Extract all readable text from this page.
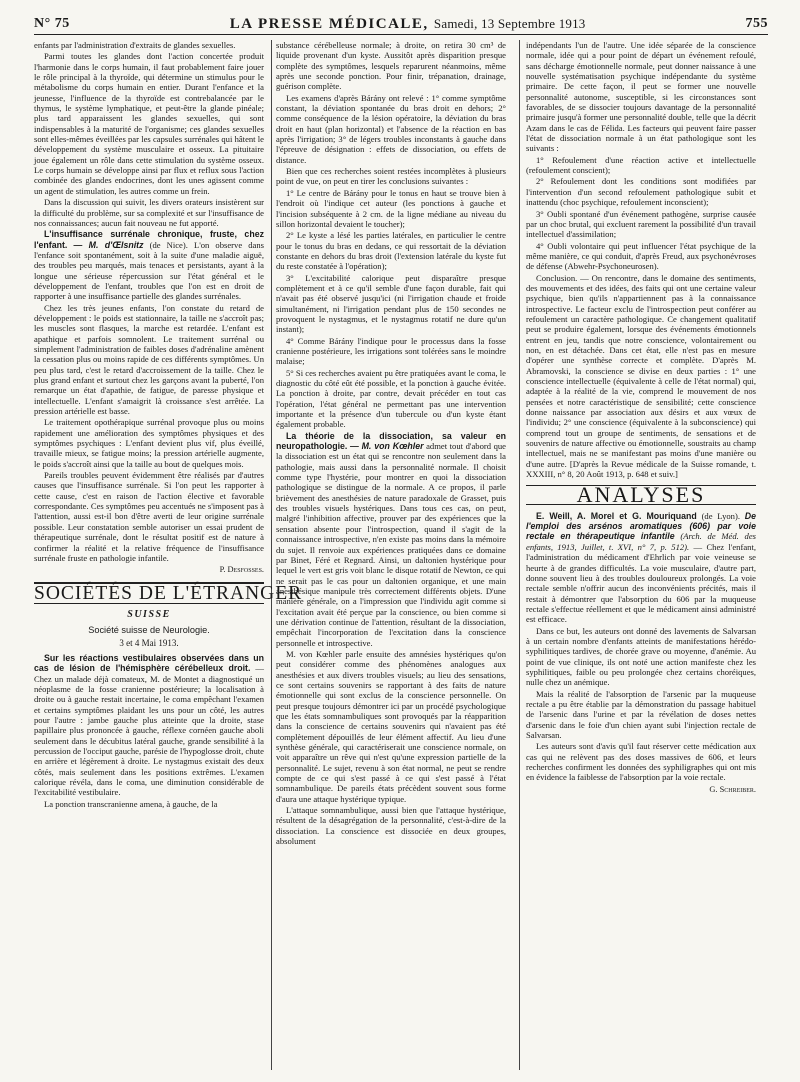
N° 75	LA PRESSE MÉDICALE, Samedi, 13 Septembre 1913	755

enfants par l'administration d'extraits de glandes sexuelles.

Parmi toutes les glandes dont l'action concertée produit l'harmonie dans le corps humain, il faut probablement faire jouer le rôle principal à la thyroïde, qui détermine un stimulus pour le métabolisme du corps humain en entier. Durant l'enfance et la jeunesse, l'influence de la thyroïde est contrebalancée par le thymus, le système lymphatique, et peut-être la glande pinéale; plus tard apparaissent les glandes sexuelles, qui sont indispensables à la maturité de l'organisme; ces glandes sexuelles sont elles-mêmes éveillées par les capsules surrénales qui hâtent le développement du système musculaire et osseux. La pituitaire joue également un rôle dans cette stimulation du système osseux. Le corps humain se développe ainsi par flux et reflux sous l'action combinée des glandes endocrines, dont les unes agissent comme un agent de stimulation, les autres comme un frein.

Dans la discussion qui suivit, les divers orateurs insistèrent sur la difficulté du problème, sur sa complexité et sur l'insuffisance de nos connaissances; aucun fait nouveau ne fut apporté.

L'insuffisance surrénale chronique, fruste, chez l'enfant. — M. d'Œlsnitz (de Nice). L'on observe dans l'enfance soit spontanément, soit à la suite d'une maladie aiguë, des troubles peu marqués, mais tenaces et persistants, ayant à la longue une sérieuse répercussion sur l'état général et le développement de l'enfant, troubles que l'on est en droit de rapporter à une insuffisance partielle des glandes surrénales.

Chez les très jeunes enfants, l'on constate du retard de développement : le poids est stationnaire, la taille ne s'accroît pas; les muscles sont flasques, la marche est retardée. L'enfant est apathique et parfois somnolent. Le traitement surrénal ou simplement l'administration de faibles doses d'adrénaline amènent la cessation plus ou moins rapide de ces différents symptômes. Un peu plus tard, c'est le retard d'accroissement de la taille. Chez le plus grand enfant et surtout chez les garçons avant la puberté, l'on remarque un état d'apathie, de fatigue, de paresse physique et intellectuelle. L'enfant s'amaigrit là croissance s'est arrêtée. La pression artérielle est basse.

Le traitement opothérapique surrénal provoque plus ou moins rapidement une amélioration des symptômes physiques et des symptômes psychiques : L'enfant devient plus vif, plus éveillé, travaille mieux, se fatigue moins; la pression artérielle augmente, le poids s'accroît ainsi que la taille au bout de quelques mois.

Pareils troubles peuvent évidemment être réalisés par d'autres causes que l'insuffisance surrénale. Si l'on peut les rapporter à cette cause, c'est en raison de l'action élective et favorable correspondante. Ces symptômes peu accentués ne s'imposent pas à l'attention, aussi est-il bon d'être averti de leur origine surrénale possible. Leur constatation semble autoriser un essai prudent de thérapeutique surrénale, dont le résultat positif est de nature à confirmer la réalité et la relative fréquence de l'insuffisance surrénale fruste en pathologie infantile.

P. Desfosses.
SOCIÉTÉS DE L'ÉTRANGER
SUISSE
Société suisse de Neurologie.
3 et 4 Mai 1913.

Sur les réactions vestibulaires observées dans un cas de lésion de l'hémisphère cérébelleux droit. — Chez un malade déjà comateux, M. de Montet a diagnostiqué un néoplasme de la fosse cranienne postérieure; la localisation à droite ou à gauche restait incertaine, le coma empêchant l'examen et certains symptômes plaidant les uns pour un côté, les autres pour l'autre : jambe gauche plus atteinte que la droite, stase papillaire plus prononcée à gauche, réflexe cornéen gauche aboli seulement dans le décubitus latéral gauche, grande sensibilité à la percussion de l'occiput gauche, parésie de l'hypoglosse droit, chute en arrière et légèrement à droite. Le nystagmus existait des deux côtés, mais seulement dans les positions extrêmes. L'examen calorique révéla, dans le coma, une diminution considérable de l'excitabilité vestibulaire.

La ponction transcranienne amena, à gauche, de la

substance cérébelleuse normale; à droite, on retira 30 cm³ de liquide provenant d'un kyste. Aussitôt après disparition presque complète des symptômes, lesquels reparurent néanmoins, même après une seconde ponction. Pour finir, trépanation, drainage, guérison complète.

Les examens d'après Bárány ont relevé : 1° comme symptôme constant, la déviation spontanée du bras droit en dehors; 2° comme conséquence de la lésion opératoire, la déviation du bras droit en haut (plan horizontal) et l'absence de la réaction en bas après l'irrigation; 3° de légers troubles inconstants à gauche dans l'épreuve de désignation : effets de dissociation, ou effets de distance.

Bien que ces recherches soient restées incomplètes à plusieurs point de vue, on peut en tirer les conclusions suivantes :

1° Le centre de Bárány pour le tonus en haut se trouve bien à l'endroit où l'indique cet auteur (les ponctions à gauche et l'incision subséquente à 2 cm. de la ligne médiane au niveau du sillon horizontal devaient le toucher);

2° Le kyste a lésé les parties latérales, en particulier le centre pour le tonus du bras en dedans, ce qui ressortait de la déviation constante en dehors du bras droit (l'extension latérale du kyste fut du reste constatée à l'opération);

3° L'excitabilité calorique peut disparaître presque complètement et à ce qu'il semble d'une façon durable, fait qui n'avait pas été observé jusqu'ici (ni l'irrigation chaude et froide simultanément, ni l'irrigation pendant plus de 150 secondes ne provoquent le nystagmus, et le nystagmus rotatif ne dure qu'un instant);

4° Comme Bárány l'indique pour le processus dans la fosse cranienne postérieure, les irrigations sont tolérées sans le moindre malaise;

5° Si ces recherches avaient pu être pratiquées avant le coma, le diagnostic du côté eût été possible, et la ponction à gauche évitée. La ponction à droite, par contre, devait précéder en tout cas l'opération, l'état général ne permettant pas une intervention importante et la présence d'un tubercule ou d'un kyste étant également probable.

La théorie de la dissociation, sa valeur en neuropathologie. — M. von Kœhler admet tout d'abord que la dissociation est un état qui se rencontre non seulement dans la pathologie, mais aussi dans la personnalité normale. Il choisit comme type l'hystérie, pour montrer en quoi la dissociation pathologique se distingue de la normale. A ce propos, il parle brièvement des anesthésies de nature paradoxale de Grasset, puis des troubles visuels hystériques. Dans tous ces cas, on peut, malgré l'inhibition affective, prouver par des expériences que la sensation absente pour l'introspection, quand il s'agit de la connaissance introspective, n'en existe pas moins dans la mémoire du sujet. Il renvoie aux expériences pratiquées dans ce domaine par Binet, Féré et Regnard. Ainsi, un daltonien hystérique pour lequel le vert est gris voit blanc le disque rotatif de Newton, ce qui ne serait pas le cas pour un daltonien organique, et une main anesthésique manipule très correctement différents objets. D'une manière générale, on a l'impression que l'individu agit comme si l'excitation avait été perçue par la conscience, ou bien comme si une dérivation continue de l'attention, résultant de la dissociation, empêchait l'incorporation de l'excitation dans la conscience personnelle et introspective.

M. von Kœhler parle ensuite des amnésies hystériques qu'on peut considérer comme des phénomènes analogues aux anesthésies et aux divers troubles visuels; au lieu des sensations, ce sont certains souvenirs se rapportant à des faits de nature émotionnelle qui sont exclus de la conscience personnelle. On peut presque toujours démontrer ici par un procédé psychologique que les états somnambuliques sont provoqués par la réapparition dans la conscience de certains souvenirs qui n'avaient pas été complètement dépouillés de leur élément affectif. Au lieu d'une synthèse générale, qui caractériserait une conscience normale, on voit apparaître un rêve qui n'est qu'une expression partielle de la personnalité. Le sujet, revenu à son état normal, ne peut se rendre compte de ce qui s'est passé à ce qui s'est passé à l'état somnambulique. De pareils états précèdent souvent sous forme d'aura une attaque hystérique typique.

L'attaque somnambulique, aussi bien que l'attaque hystérique, résultent de la désagrégation de la personnalité, c'est-à-dire de la dissociation. La conscience est dissociée en deux groupes, absolument

indépendants l'un de l'autre. Une idée séparée de la conscience normale, idée qui a pour point de départ un événement refoulé, sans décharge émotionnelle normale, peut donner naissance à une nouvelle systématisation psychique indépendante du système primaire. De cette façon, il peut se former une nouvelle personnalité autonome, susceptible, si les circonstances sont favorables, de se dissocier toujours davantage de la personnalité primaire jusqu'à former une personnalité double, telle que la décrit Azam dans le cas de Félida. Les facteurs qui peuvent faire passer l'état de dissociation normale à un état pathologique sont les suivants :

1° Refoulement d'une réaction active et intellectuelle (refoulement conscient);

2° Refoulement dont les conditions sont modifiées par l'intervention d'un second refoulement pathologique subit et inattendu (choc psychique, refoulement inconscient);

3° Oubli spontané d'un événement pathogène, surprise causée par un choc brutal, qui excluent rarement la possibilité d'un travail intellectuel d'assimilation;

4° Oubli volontaire qui peut influencer l'état psychique de la même manière, ce qui conduit, d'après Freud, aux psychonévroses de défense (Abwehr-Psychoneurosen).

Conclusion. — On rencontre, dans le domaine des sentiments, des mouvements et des idées, des faits qui ont une certaine valeur psychique, bien qu'ils n'appartiennent pas à la connaissance introspective. Le facteur exclu de l'introspection peut conférer au refoulement un caractère pathologique. Ce changement qualitatif peut se produire également, lorsque des événements émotionnels entrent en jeu, tandis que notre conscience, volontairement ou non, en est détachée. Dans cet état, elle n'est pas en mesure d'opérer une synthèse correcte et complète. D'après M. Abramovski, la conscience se divise en deux parties : 1° une conscience intellectuelle (équivalente à celle de l'état normal) qui, adaptée à la réalité de la vie, comprend le mouvement de nos pensées et notre caractéristique de sensibilité; cette conscience donne naissance par association aux désirs et aux vœux de l'individu; 2° une conscience (équivalente à la subconscience) qui comprend tout un groupe de sentiments, de sensations et de souvenirs de nature affective ou émotionnelle, soustraits au champ intellectuel, mais ne se manifestant pas moins d'une manière ou d'une autre. [D'après la Revue médicale de la Suisse romande, t. XXXIII, n° 8, 20 Août 1913, p. 648 et suiv.]

ANALYSES

E. Weill, A. Morel et G. Mouriquand (de Lyon). De l'emploi des arsénos aromatiques (606) par voie rectale en thérapeutique infantile (Arch. de Méd. des enfants, 1913, Juillet, t. XVI, n° 7, p. 512). — Chez l'enfant, l'administration du médicament d'Ehrlich par voie veineuse se heurte à de grandes difficultés. La voie musculaire, d'autre part, donne souvent lieu à des troubles douloureux prolongés. La voie rectale semble n'offrir aucun des inconvénients précités, mais il restait à démontrer que l'absorption du 606 par la muqueuse rectale s'effectue réellement et que le médicament ainsi administré est efficace.

Dans ce but, les auteurs ont donné des lavements de Salvarsan à un certain nombre d'enfants atteints de manifestations hérédo-syphilitiques tardives, de chorée grave ou moyenne, d'anémie. Au point de vue clinique, ils ont noté une action manifeste chez les syphilitiques, faible ou peu prolongée chez certains choréiques, nulle chez un anémique.

Mais la réalité de l'absorption de l'arsenic par la muqueuse rectale a pu être établie par la démonstration du passage habituel de l'arsenic dans l'urine et par la révélation de doses nettes d'arsenic dans le foie d'un chien ayant subi l'injection rectale de Salvarsan.

Les auteurs sont d'avis qu'il faut réserver cette médication aux cas qui ne relèvent pas des doses massives de 606, et leurs recherches confirment les données des syphiligraphes qui ont mis en évidence la faiblesse de l'absorption par la voie rectale.

G. Schreiber.
